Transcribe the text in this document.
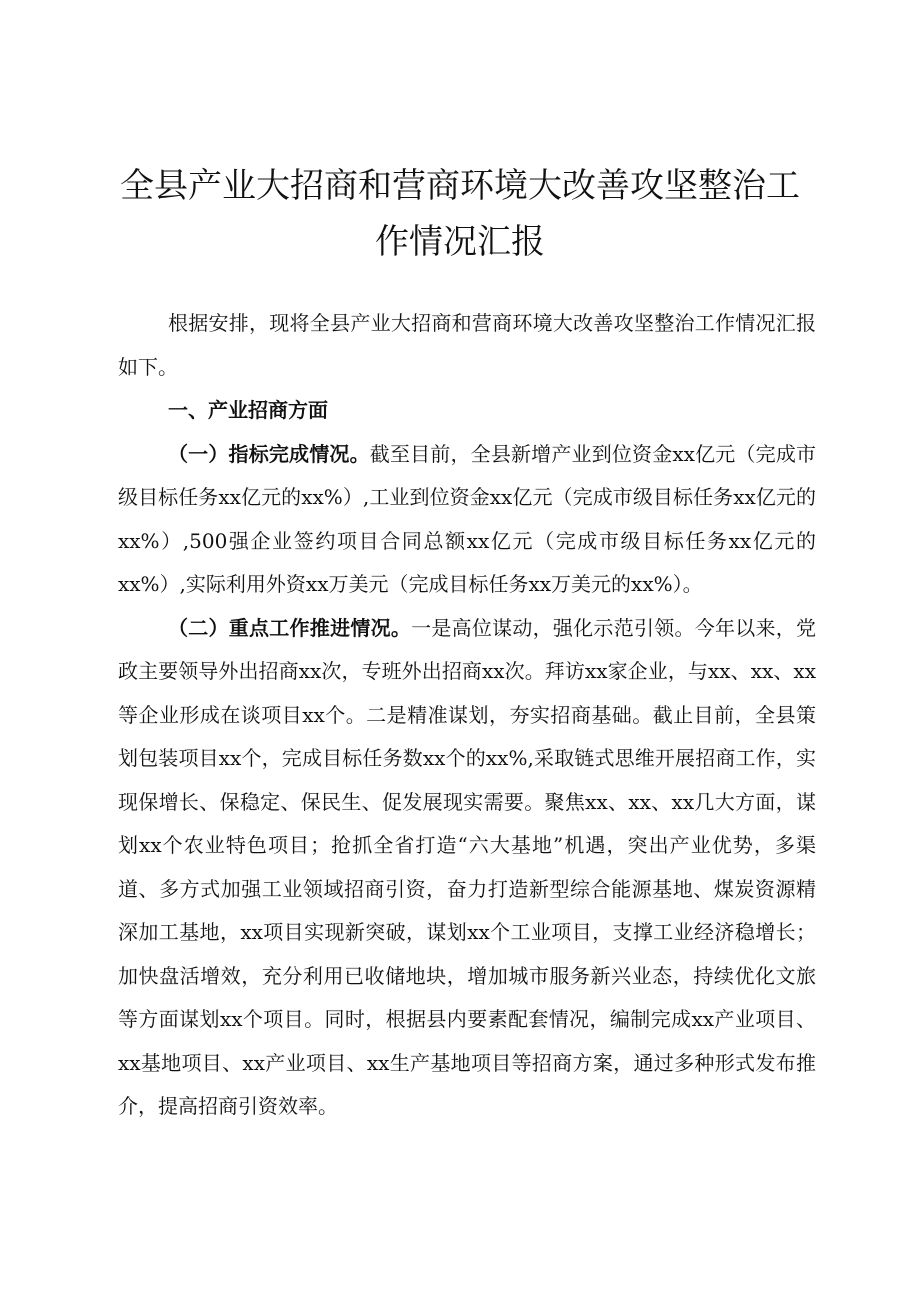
全县产业大招商和营商环境大改善攻坚整治工
作情况汇报

根据安排，现将全县产业大招商和营商环境大改善攻坚整治工作情况汇报如下。

一、产业招商方面

（一）指标完成情况。截至目前，全县新增产业到位资金xx亿元（完成市级目标任务xx亿元的xx%）,工业到位资金xx亿元（完成市级目标任务xx亿元的xx%）,500强企业签约项目合同总额xx亿元（完成市级目标任务xx亿元的xx%）,实际利用外资xx万美元（完成目标任务xx万美元的xx%）。

（二）重点工作推进情况。一是高位谋动，强化示范引领。今年以来，党政主要领导外出招商xx次，专班外出招商xx次。拜访xx家企业，与xx、xx、xx等企业形成在谈项目xx个。二是精准谋划，夯实招商基础。截止目前，全县策划包装项目xx个，完成目标任务数xx个的xx%,采取链式思维开展招商工作，实现保增长、保稳定、保民生、促发展现实需要。聚焦xx、xx、xx几大方面，谋划xx个农业特色项目；抢抓全省打造“六大基地”机遇，突出产业优势，多渠道、多方式加强工业领域招商引资，奋力打造新型综合能源基地、煤炭资源精深加工基地，xx项目实现新突破，谋划xx个工业项目，支撑工业经济稳增长；加快盘活增效，充分利用已收储地块，增加城市服务新兴业态，持续优化文旅等方面谋划xx个项目。同时，根据县内要素配套情况，编制完成xx产业项目、xx基地项目、xx产业项目、xx生产基地项目等招商方案，通过多种形式发布推介，提高招商引资效率。
